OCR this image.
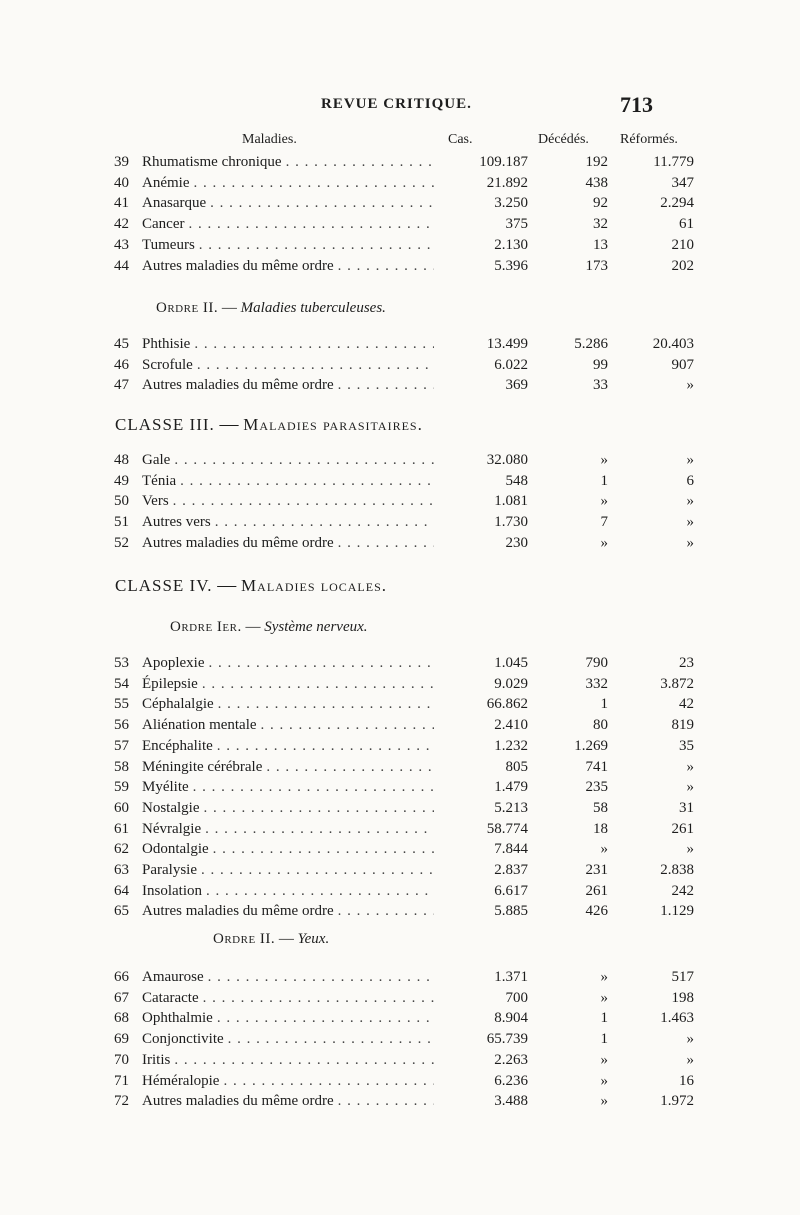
REVUE CRITIQUE.	713
Maladies.	Cas.	Décédés. Réformés.
39 Rhumatisme chronique . . .	109.187	192	11.779
40 Anémie . . .	21.892	438	347
41 Anasarque . . .	3.250	92	2.294
42 Cancer . . .	375	32	61
43 Tumeurs . . .	2.130	13	210
44 Autres maladies du même ordre . . .	5.396	173	202
Ordre II. — Maladies tuberculeuses.
45 Phthisie . . .	13.499	5.286	20.403
46 Scrofule . . .	6.022	99	907
47 Autres maladies du même ordre . . .	369	33	»
CLASSE III. — Maladies parasitaires.
48 Gale . . .	32.080	»	»
49 Ténia . . .	548	1	6
50 Vers . . .	1.081	»	»
51 Autres vers . . .	1.730	7	»
52 Autres maladies du même ordre . . .	230	»	»
CLASSE IV. — Maladies locales.
Ordre Ier. — Système nerveux.
53 Apoplexie . . .	1.045	790	23
54 Épilepsie . . .	9.029	332	3.872
55 Céphalalgie . . .	66.862	1	42
56 Aliénation mentale . . .	2.410	80	819
57 Encéphalite . . .	1.232	1.269	35
58 Méningite cérébrale . . .	805	741	»
59 Myélite . . .	1.479	235	»
60 Nostalgie . . .	5.213	58	31
61 Névralgie . . .	58.774	18	261
62 Odontalgie . . .	7.844	»	»
63 Paralysie . . .	2.837	231	2.838
64 Insolation . . .	6.617	261	242
65 Autres maladies du même ordre . . .	5.885	426	1.129
Ordre II. — Yeux.
66 Amaurose . . .	1.371	»	517
67 Cataracte . . .	700	»	198
68 Ophthalmie . . .	8.904	1	1.463
69 Conjonctivite . . .	65.739	1	»
70 Iritis . . .	2.263	»	»
71 Héméralopie . . .	6.236	»	16
72 Autres maladies du même ordre . . .	3.488	»	1.972
